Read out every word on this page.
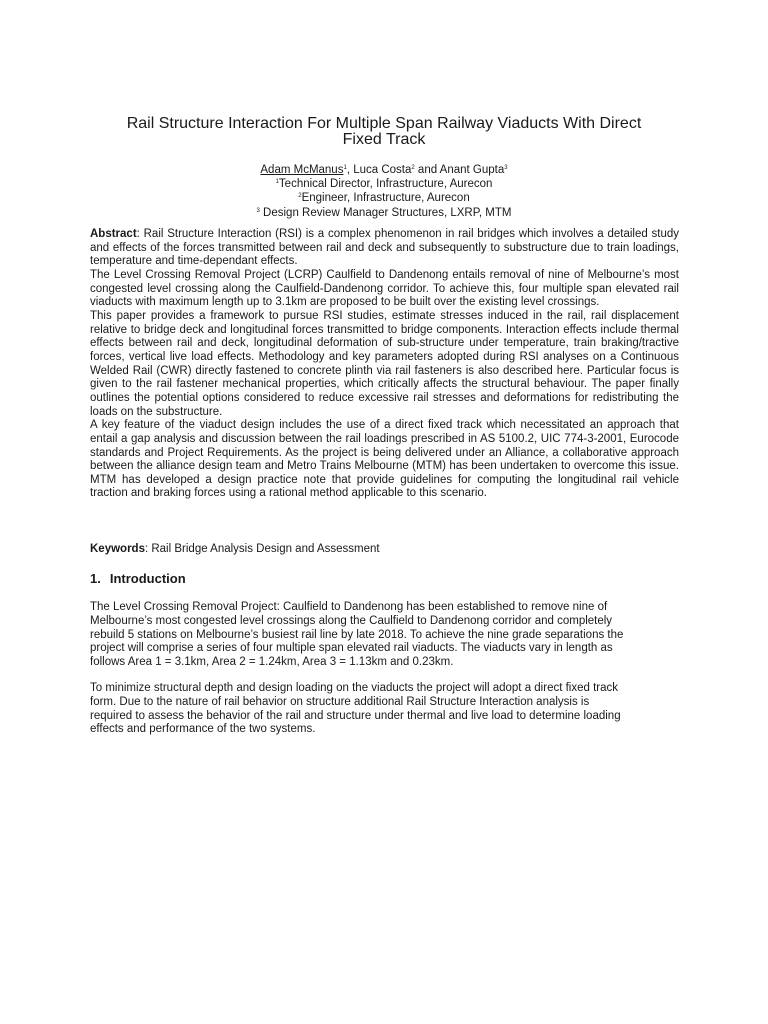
Rail Structure Interaction For Multiple Span Railway Viaducts With Direct
Fixed Track
Adam McManus$^1$, Luca Costa$^2$ and Anant Gupta$^3$
$^1$Technical Director, Infrastructure, Aurecon
$^2$Engineer, Infrastructure, Aurecon
$^3$ Design Review Manager Structures, LXRP, MTM

Abstract: Rail Structure Interaction (RSI) is a complex phenomenon in rail bridges which involves a detailed study and effects of the forces transmitted between rail and deck and subsequently to substructure due to train loadings, temperature and time-dependant effects.

The Level Crossing Removal Project (LCRP) Caulfield to Dandenong entails removal of nine of Melbourne’s most congested level crossing along the Caulfield-Dandenong corridor. To achieve this, four multiple span elevated rail viaducts with maximum length up to 3.1km are proposed to be built over the existing level crossings.

This paper provides a framework to pursue RSI studies, estimate stresses induced in the rail, rail displacement relative to bridge deck and longitudinal forces transmitted to bridge components. Interaction effects include thermal effects between rail and deck, longitudinal deformation of sub-structure under temperature, train braking/tractive forces, vertical live load effects. Methodology and key parameters adopted during RSI analyses on a Continuous Welded Rail (CWR) directly fastened to concrete plinth via rail fasteners is also described here. Particular focus is given to the rail fastener mechanical properties, which critically affects the structural behaviour. The paper finally outlines the potential options considered to reduce excessive rail stresses and deformations for redistributing the loads on the substructure.

A key feature of the viaduct design includes the use of a direct fixed track which necessitated an approach that entail a gap analysis and discussion between the rail loadings prescribed in AS 5100.2, UIC 774-3-2001, Eurocode standards and Project Requirements. As the project is being delivered under an Alliance, a collaborative approach between the alliance design team and Metro Trains Melbourne (MTM) has been undertaken to overcome this issue. MTM has developed a design practice note that provide guidelines for computing the longitudinal rail vehicle traction and braking forces using a rational method applicable to this scenario.

Keywords: Rail Bridge Analysis Design and Assessment
1. Introduction
The Level Crossing Removal Project: Caulfield to Dandenong has been established to remove nine of
Melbourne’s most congested level crossings along the Caulfield to Dandenong corridor and completely
rebuild 5 stations on Melbourne’s busiest rail line by late 2018. To achieve the nine grade separations the
project will comprise a series of four multiple span elevated rail viaducts. The viaducts vary in length as
follows Area 1 = 3.1km, Area 2 = 1.24km, Area 3 = 1.13km and 0.23km.
To minimize structural depth and design loading on the viaducts the project will adopt a direct fixed track
form. Due to the nature of rail behavior on structure additional Rail Structure Interaction analysis is
required to assess the behavior of the rail and structure under thermal and live load to determine loading
effects and performance of the two systems.
